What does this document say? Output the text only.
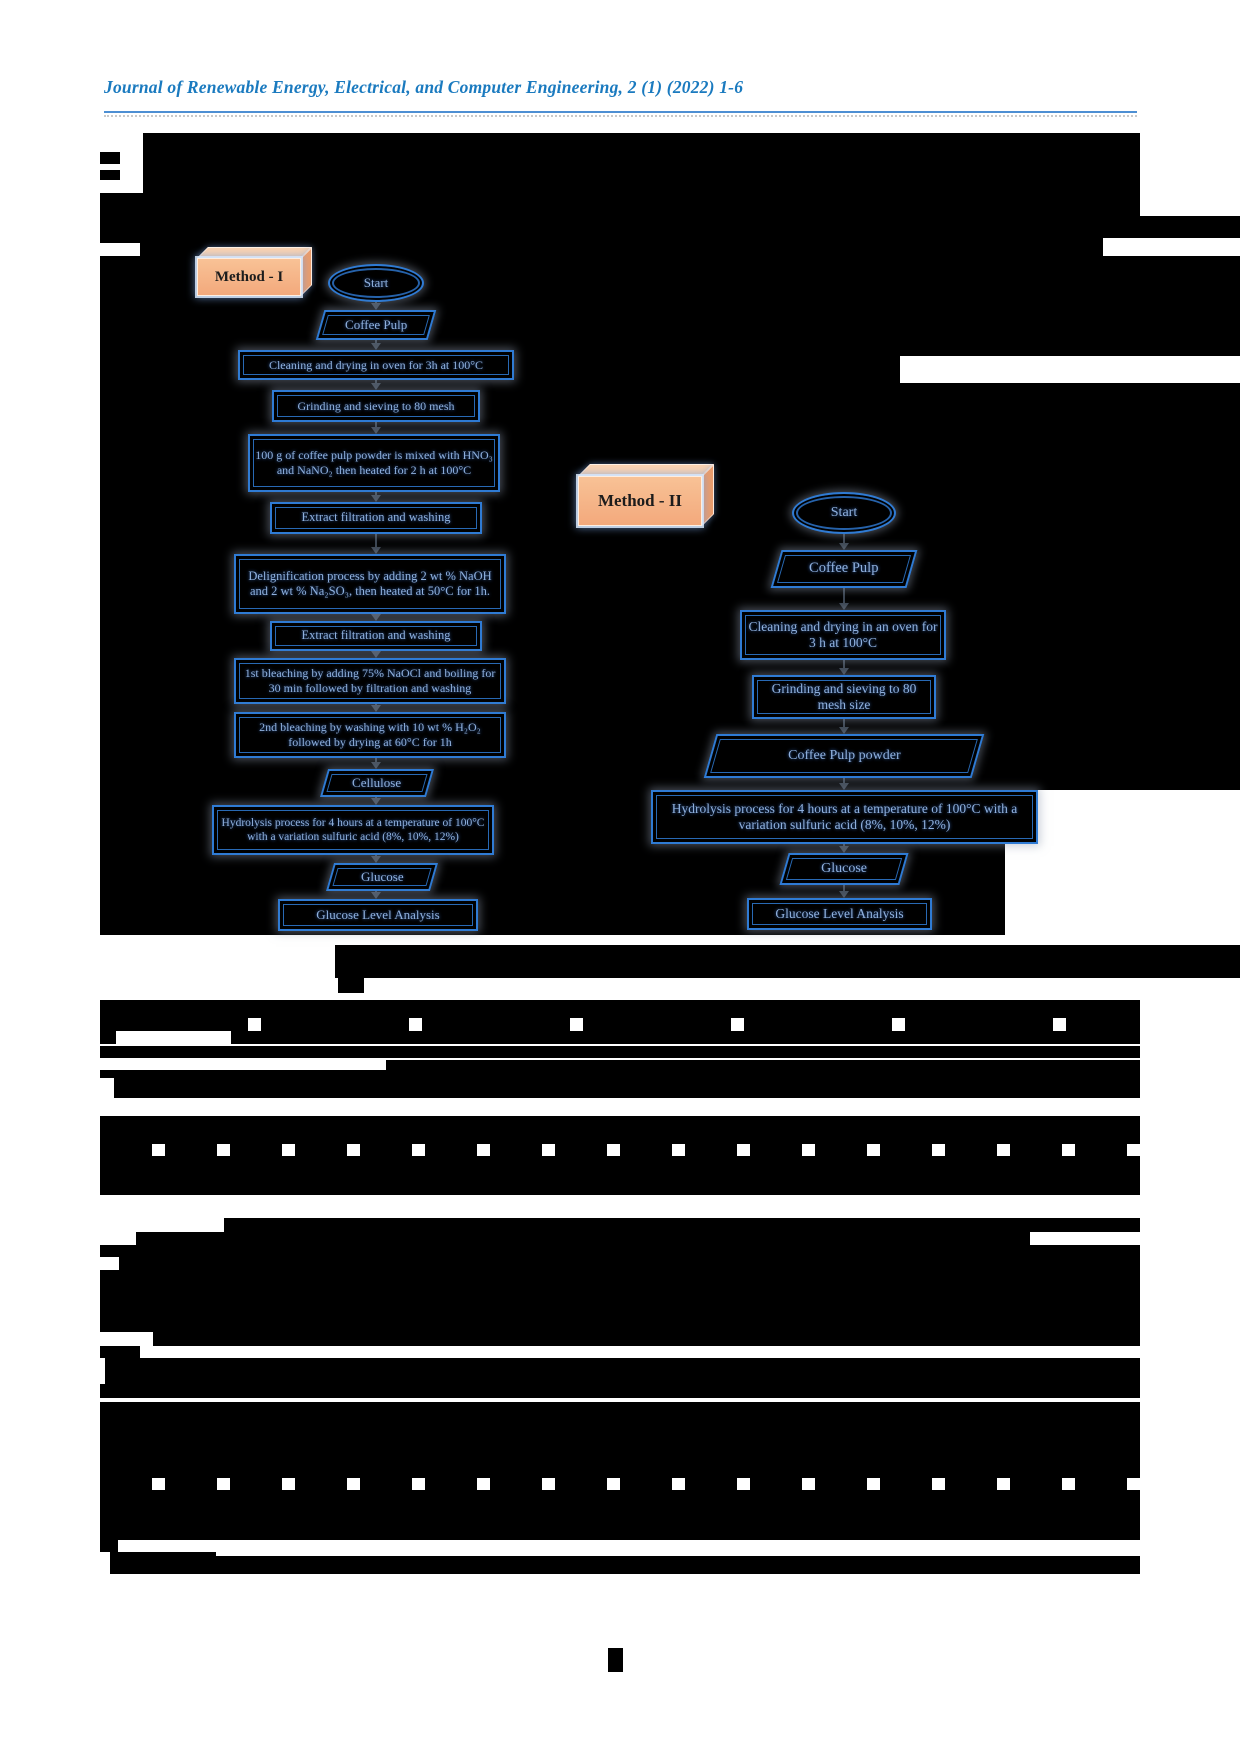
Journal of Renewable Energy, Electrical, and Computer Engineering, 2 (1) (2022) 1-6
Method - I	Start
Coffee Pulp
Cleaning and drying in oven for 3h at 100°C
Grinding and sieving to 80 mesh
100 g of coffee pulp powder is mixed with HNO₃ and NaNO₂ then heated for 2 h at 100°C
Extract filtration and washing
Delignification process by adding 2 wt % NaOH and 2 wt % Na₂SO₃, then heated at 50°C for 1h.
Extract filtration and washing
1st bleaching by adding 75% NaOCl and boiling for 30 min followed by filtration and washing
2nd bleaching by washing with 10 wt % H₂O₂ followed by drying at 60°C for 1h
Cellulose
Hydrolysis process for 4 hours at a temperature of 100°C with a variation sulfuric acid (8%, 10%, 12%)
Glucose
Glucose Level Analysis
Method - II
Start
Coffee Pulp
Cleaning and drying in an oven for 3 h at 100°C
Grinding and sieving to 80 mesh size
Coffee Pulp powder
Hydrolysis process for 4 hours at a temperature of 100°C with a variation sulfuric acid (8%, 10%, 12%)
Glucose
Glucose Level Analysis
